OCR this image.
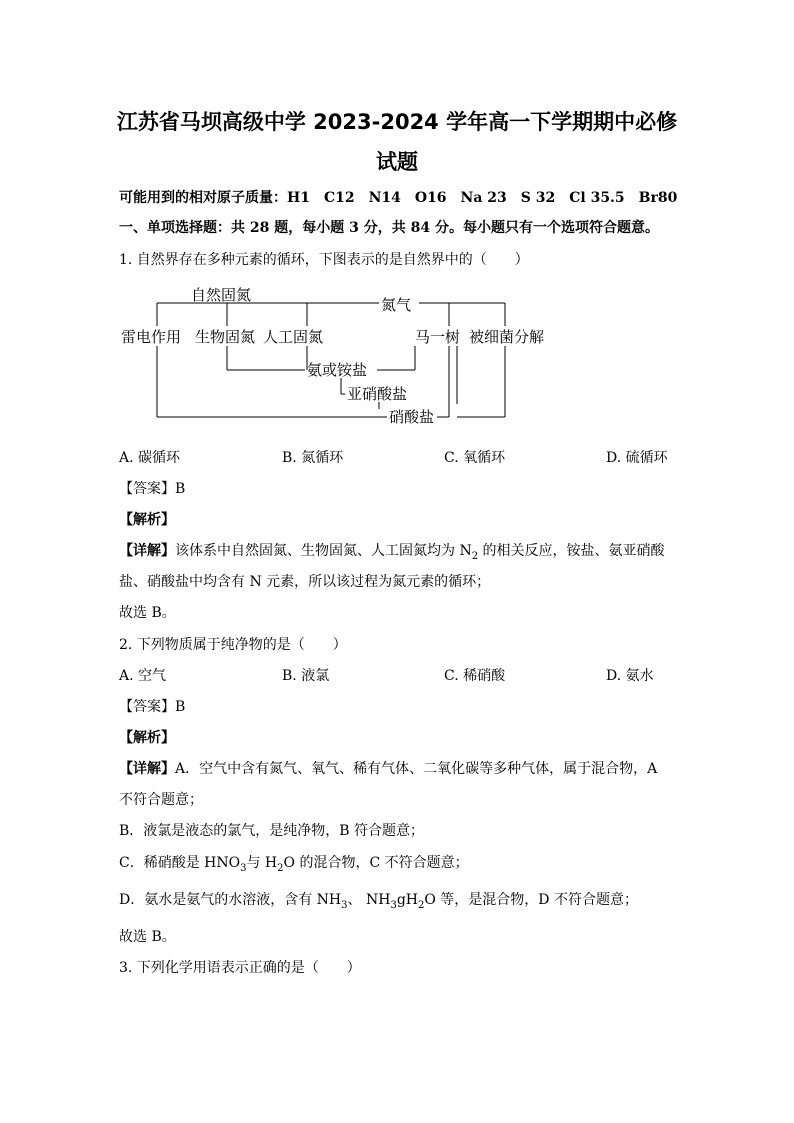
江苏省马坝高级中学 2023-2024 学年高一下学期期中必修
试题
可能用到的相对原子质量：H1　C12　N14　O16　Na 23　S 32　Cl 35.5　Br80
一、单项选择题：共 28 题，每小题 3 分，共 84 分。每小题只有一个选项符合题意。
1. 自然界存在多种元素的循环，下图表示的是自然界中的（　　）
自然固氮
氮气
雷电作用 生物固氮 人工固氮	马一树 被细菌分解
氨或铵盐
亚硝酸盐
硝酸盐
A. 碳循环	B. 氮循环	C. 氧循环	D. 硫循环
【答案】B
【解析】
【详解】该体系中自然固氮、生物固氮、人工固氮均为 $N_2$ 的相关反应，铵盐、氨亚硝酸
盐、硝酸盐中均含有 N 元素，所以该过程为氮元素的循环；
故选 B。
2. 下列物质属于纯净物的是（　　）
A. 空气	B. 液氯	C. 稀硝酸	D. 氨水
【答案】B
【解析】
【详解】A．空气中含有氮气、氧气、稀有气体、二氧化碳等多种气体，属于混合物，A
不符合题意；
B．液氯是液态的氯气，是纯净物，B 符合题意；
C．稀硝酸是 $HNO_3$与 $H_2O$ 的混合物，C 不符合题意；
D．氨水是氨气的水溶液，含有 $NH_3$、 $NH_3gH_2O$ 等，是混合物，D 不符合题意；
故选 B。
3. 下列化学用语表示正确的是（　　）
